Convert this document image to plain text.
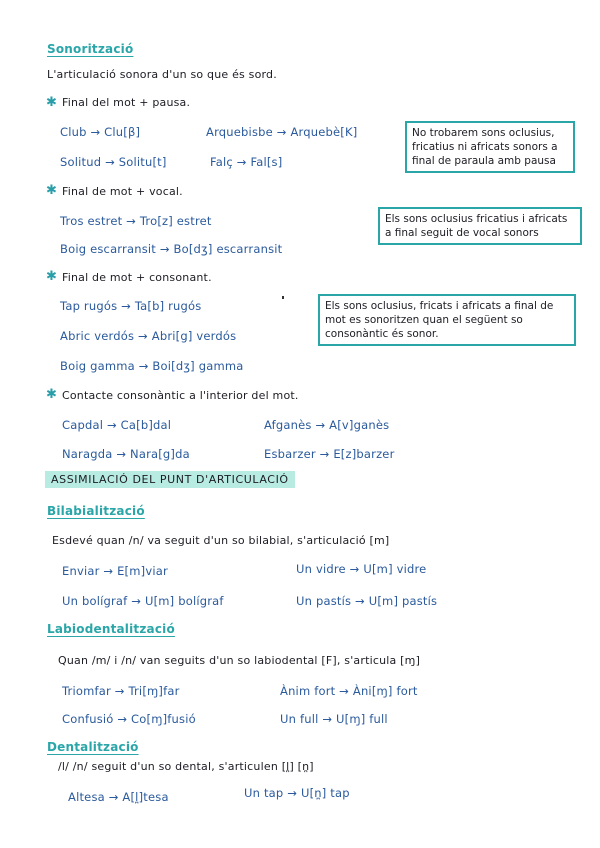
Sonorització
L'articulació sonora d'un so que és sord.
✱ Final del mot + pausa.
Club → Clu[β]	Arquebisbe → Arquebè[K]
Solitud → Solitu[t]	Falç → Fal[s]
No trobarem sons oclusius, fricatius ni africats sonors a final de paraula amb pausa
✱ Final de mot + vocal.
Tros estret → Tro[z] estret
Boig escarransit → Bo[dʒ] escarransit
Els sons oclusius fricatius i africats a final seguit de vocal sonors
✱ Final de mot + consonant.
Tap rugós → Ta[b] rugós
Abric verdós → Abri[g] verdós
Boig gamma → Boi[dʒ] gamma
Els sons oclusius, fricats i africats a final de mot es sonoritzen quan el següent so consonàntic és sonor.
✱ Contacte consonàntic a l'interior del mot.
Capdal → Ca[b]dal	Afganès → A[v]ganès
Naragda → Nara[g]da	Esbarzer → E[z]barzer
ASSIMILACIÓ DEL PUNT D'ARTICULACIÓ
Bilabialització
Esdevé quan /n/ va seguit d'un so bilabial, s'articulació [m]
Enviar → E[m]viar	Un vidre → U[m] vidre
Un bolígraf → U[m] bolígraf	Un pastís → U[m] pastís
Labiodentalització
Quan /m/ i /n/ van seguits d'un so labiodental [F], s'articula [ɱ]
Triomfar → Tri[ɱ]far	Ànim fort → Àni[ɱ] fort
Confusió → Co[ɱ]fusió	Un full → U[ɱ] full
Dentalització
/l/ /n/ seguit d'un so dental, s'articulen [l̪] [n̪]
Altesa → A[l̪]tesa	Un tap → U[n̪] tap
